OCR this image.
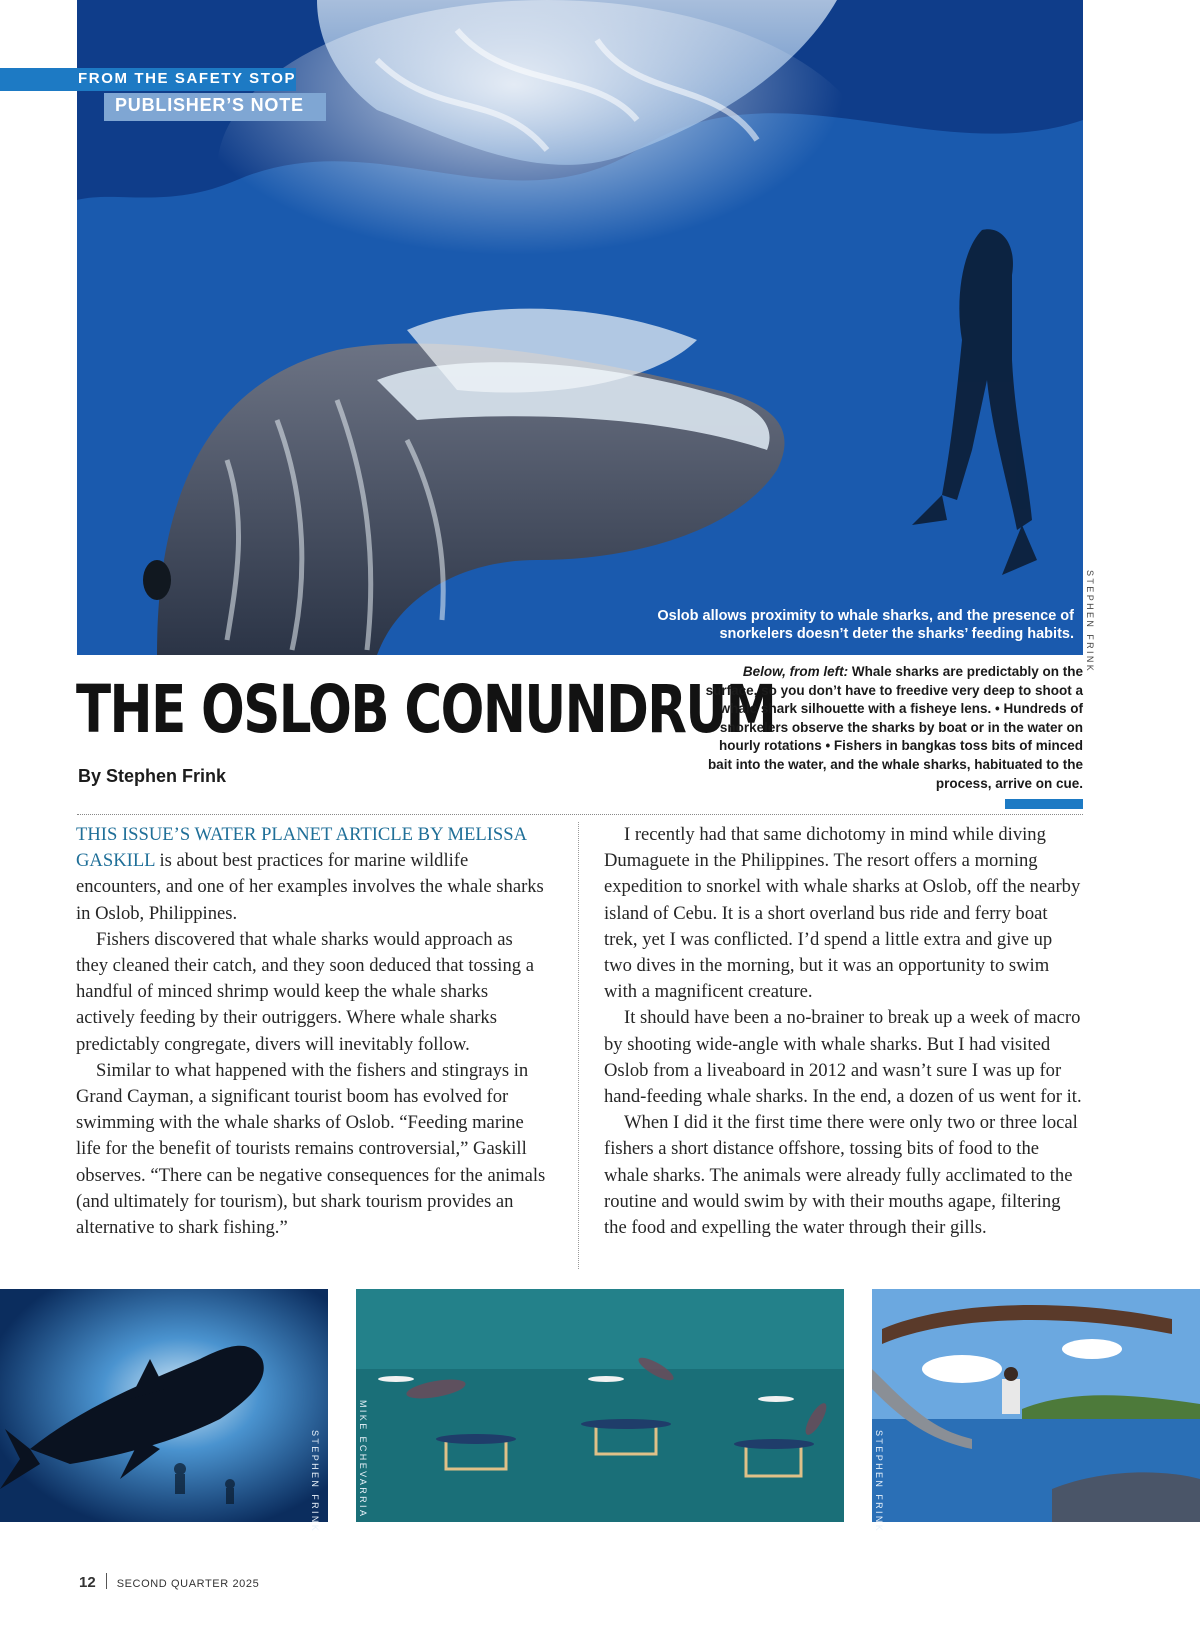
STEPHEN FRINK
FROM THE SAFETY STOP
PUBLISHER’S NOTE
Oslob allows proximity to whale sharks, and the presence of snorkelers doesn’t deter the sharks’ feeding habits.
THE OSLOB CONUNDRUM
By Stephen Frink
Below, from left: Whale sharks are predictably on the surface, so you don’t have to freedive very deep to shoot a whale shark silhouette with a fisheye lens. • Hundreds of snorkelers observe the sharks by boat or in the water on hourly rotations • Fishers in bangkas toss bits of minced bait into the water, and the whale sharks, habituated to the process, arrive on cue.

THIS ISSUE’S WATER PLANET ARTICLE BY MELISSA GASKILL is about best practices for marine wildlife encounters, and one of her examples involves the whale sharks in Oslob, Philippines.

Fishers discovered that whale sharks would approach as they cleaned their catch, and they soon deduced that tossing a handful of minced shrimp would keep the whale sharks actively feeding by their outriggers. Where whale sharks predictably congregate, divers will inevitably follow.

Similar to what happened with the fishers and stingrays in Grand Cayman, a significant tourist boom has evolved for swimming with the whale sharks of Oslob. “Feeding marine life for the benefit of tourists remains controversial,” Gaskill observes. “There can be negative consequences for the animals (and ultimately for tourism), but shark tourism provides an alternative to shark fishing.”

I recently had that same dichotomy in mind while diving Dumaguete in the Philippines. The resort offers a morning expedition to snorkel with whale sharks at Oslob, off the nearby island of Cebu. It is a short overland bus ride and ferry boat trek, yet I was conflicted. I’d spend a little extra and give up two dives in the morning, but it was an opportunity to swim with a magnificent creature.

It should have been a no-brainer to break up a week of macro by shooting wide-angle with whale sharks. But I had visited Oslob from a liveaboard in 2012 and wasn’t sure I was up for hand-feeding whale sharks. In the end, a dozen of us went for it.

When I did it the first time there were only two or three local fishers a short distance offshore, tossing bits of food to the whale sharks. The animals were already fully acclimated to the routine and would swim by with their mouths agape, filtering the food and expelling the water through their gills.

STEPHEN FRINK	MIKE ECHEVARRIA	STEPHEN FRINK
12 SECOND QUARTER 2025
